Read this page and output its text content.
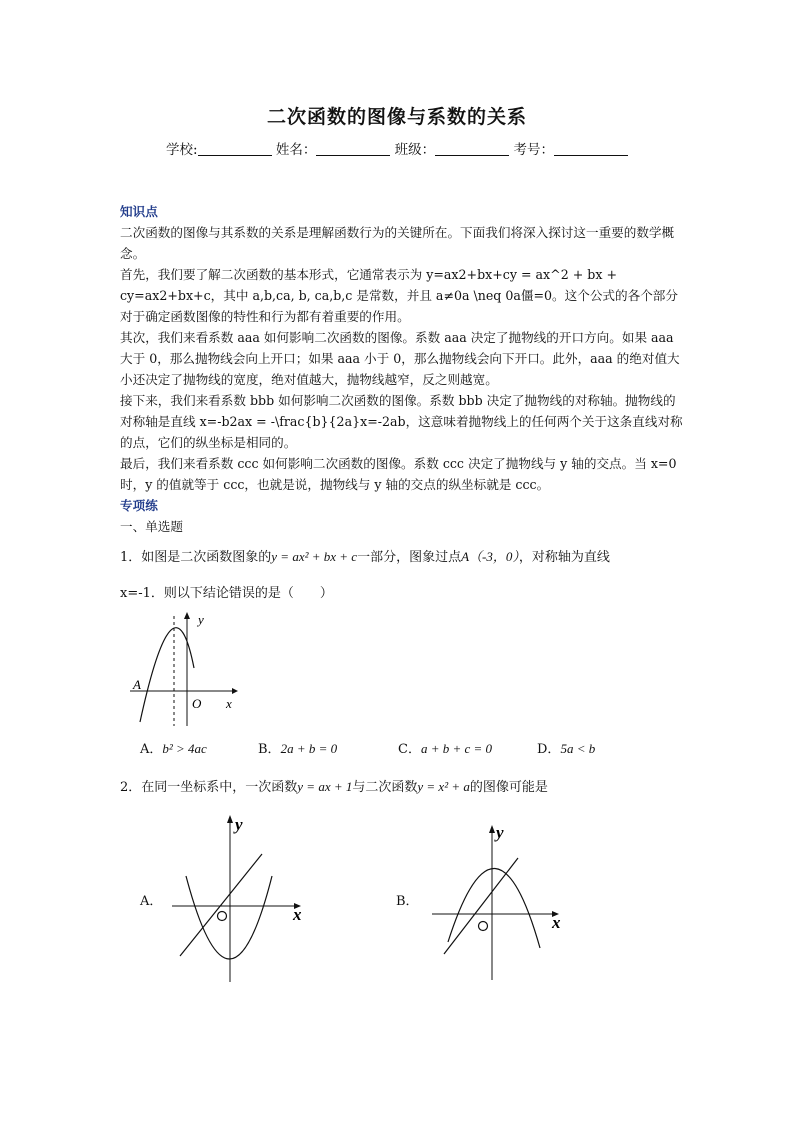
二次函数的图像与系数的关系
学校:	姓名：	班级：	考号：
知识点

二次函数的图像与其系数的关系是理解函数行为的关键所在。下面我们将深入探讨这一重要的数学概念。

首先，我们要了解二次函数的基本形式，它通常表示为 y=ax2+bx+cy = ax^2 + bx + cy=ax2+bx+c，其中 a,b,ca, b, ca,b,c 是常数，并且 a≠0a \neq 0a僵=0。这个公式的各个部分对于确定函数图像的特性和行为都有着重要的作用。

其次，我们来看系数 aaa 如何影响二次函数的图像。系数 aaa 决定了抛物线的开口方向。如果 aaa 大于 0，那么抛物线会向上开口；如果 aaa 小于 0，那么抛物线会向下开口。此外，aaa 的绝对值大小还决定了抛物线的宽度，绝对值越大，抛物线越窄，反之则越宽。

接下来，我们来看系数 bbb 如何影响二次函数的图像。系数 bbb 决定了抛物线的对称轴。抛物线的对称轴是直线 x=-b2ax = -\frac{b}{2a}x=-2ab，这意味着抛物线上的任何两个关于这条直线对称的点，它们的纵坐标是相同的。

最后，我们来看系数 ccc 如何影响二次函数的图像。系数 ccc 决定了抛物线与 y 轴的交点。当 x=0 时，y 的值就等于 ccc，也就是说，抛物线与 y 轴的交点的纵坐标就是 ccc。

专项练
一、单选题
1．如图是二次函数图象的y = ax² + bx + c一部分，图象过点A（-3，0），对称轴为直线
x=-1．则以下结论错误的是（　　）
y
x
O
A
A．b² > 4ac	B．2a + b = 0	C．a + b + c = 0	D．5a < b
2．在同一坐标系中，一次函数y = ax + 1与二次函数y = x² + a的图像可能是
A．
y
x
B．
y
x
